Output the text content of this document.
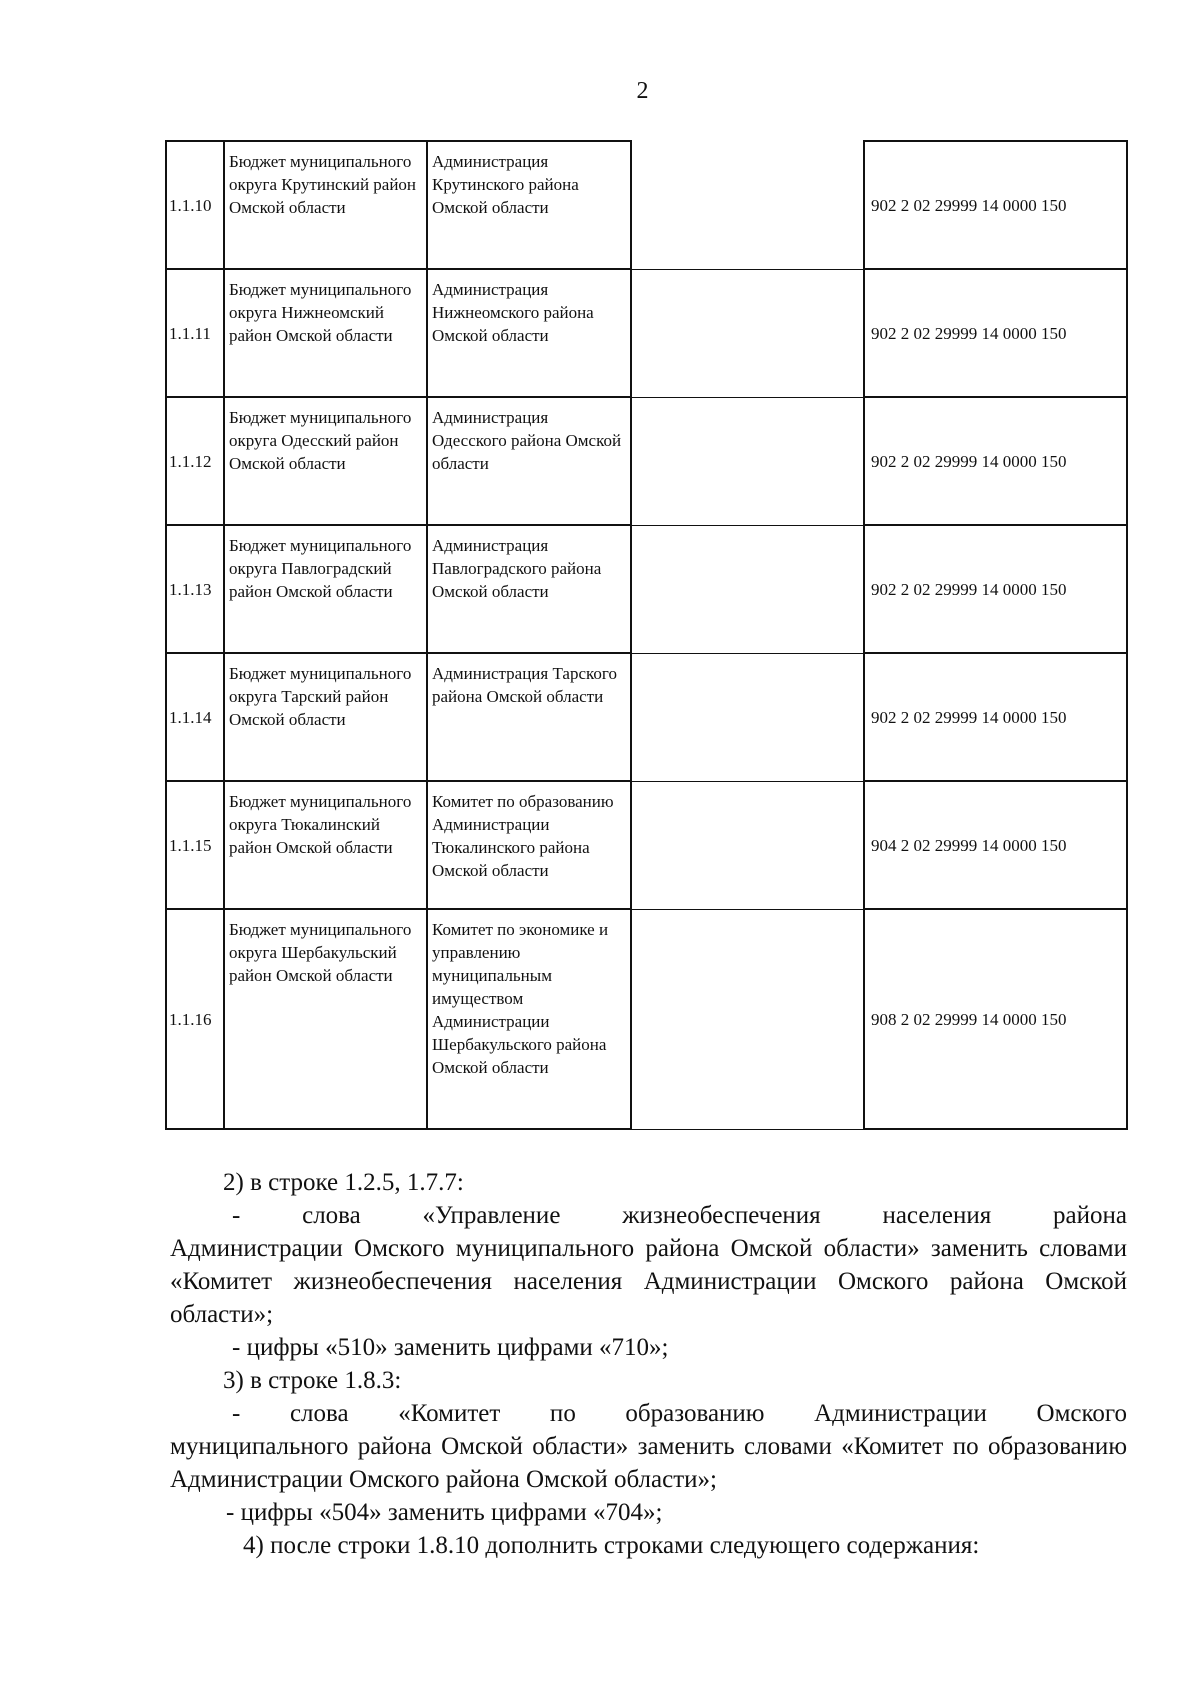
2
1.1.10	Бюджет муниципального округа Крутинский район Омской области	Администрация Крутинского района Омской области		902 2 02 29999 14 0000 150
1.1.11	Бюджет муниципального округа Нижнеомский район Омской области	Администрация Нижнеомского района Омской области		902 2 02 29999 14 0000 150
1.1.12	Бюджет муниципального округа Одесский район Омской области	Администрация Одесского района Омской области		902 2 02 29999 14 0000 150
1.1.13	Бюджет муниципального округа Павлоградский район Омской области	Администрация Павлоградского района Омской области		902 2 02 29999 14 0000 150
1.1.14	Бюджет муниципального округа Тарский район Омской области	Администрация Тарского района Омской области		902 2 02 29999 14 0000 150
1.1.15	Бюджет муниципального округа Тюкалинский район Омской области	Комитет по образованию Администрации Тюкалинского района Омской области		904 2 02 29999 14 0000 150
1.1.16	Бюджет муниципального округа Шербакульский район Омской области	Комитет по экономике и управлению муниципальным имуществом Администрации Шербакульского района Омской области		908 2 02 29999 14 0000 150

2) в строке 1.2.5, 1.7.7:

- слова «Управление жизнеобеспечения населения района

Администрации Омского муниципального района Омской области» заменить словами «Комитет жизнеобеспечения населения Администрации Омского района Омской области»;

- цифры «510» заменить цифрами «710»;

3) в строке 1.8.3:

- слова «Комитет по образованию Администрации Омского

муниципального района Омской области» заменить словами «Комитет по образованию Администрации Омского района Омской области»;

- цифры «504» заменить цифрами «704»;

4) после строки 1.8.10 дополнить строками следующего содержания:
